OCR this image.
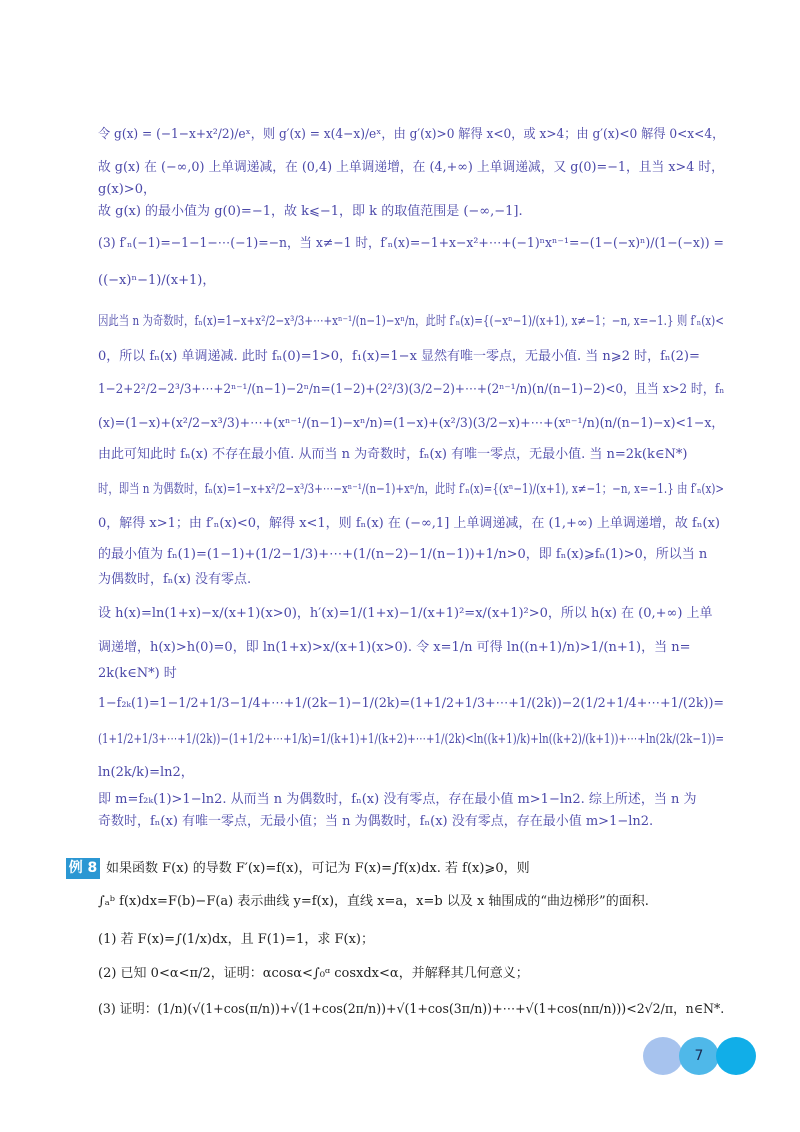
令 g(x) = (−1−x+x²/2)/eˣ，则 g′(x) = x(4−x)/eˣ，由 g′(x)>0 解得 x<0，或 x>4；由 g′(x)<0 解得 0<x<4，
故 g(x) 在 (−∞,0) 上单调递减，在 (0,4) 上单调递增，在 (4,+∞) 上单调递减，又 g(0)=−1，且当 x>4 时，
g(x)>0，
故 g(x) 的最小值为 g(0)=−1，故 k⩽−1，即 k 的取值范围是 (−∞,−1].
(3) f′ₙ(−1)=−1−1−⋯(−1)=−n，当 x≠−1 时，f′ₙ(x)=−1+x−x²+⋯+(−1)ⁿxⁿ⁻¹=−(1−(−x)ⁿ)/(1−(−x)) =
((−x)ⁿ−1)/(x+1)，
因此当 n 为奇数时，fₙ(x)=1−x+x²/2−x³/3+⋯+xⁿ⁻¹/(n−1)−xⁿ/n，此时 f′ₙ(x)={(−xⁿ−1)/(x+1), x≠−1；−n, x=−1.} 则 f′ₙ(x)<
0，所以 fₙ(x) 单调递减. 此时 fₙ(0)=1>0，f₁(x)=1−x 显然有唯一零点，无最小值. 当 n⩾2 时，fₙ(2)=
1−2+2²/2−2³/3+⋯+2ⁿ⁻¹/(n−1)−2ⁿ/n=(1−2)+(2²/3)(3/2−2)+⋯+(2ⁿ⁻¹/n)(n/(n−1)−2)<0，且当 x>2 时，fₙ
(x)=(1−x)+(x²/2−x³/3)+⋯+(xⁿ⁻¹/(n−1)−xⁿ/n)=(1−x)+(x²/3)(3/2−x)+⋯+(xⁿ⁻¹/n)(n/(n−1)−x)<1−x，
由此可知此时 fₙ(x) 不存在最小值. 从而当 n 为奇数时，fₙ(x) 有唯一零点，无最小值. 当 n=2k(k∈N*)
时，即当 n 为偶数时，fₙ(x)=1−x+x²/2−x³/3+⋯−xⁿ⁻¹/(n−1)+xⁿ/n，此时 f′ₙ(x)={(xⁿ−1)/(x+1), x≠−1；−n, x=−1.} 由 f′ₙ(x)>
0，解得 x>1；由 f′ₙ(x)<0，解得 x<1，则 fₙ(x) 在 (−∞,1] 上单调递减，在 (1,+∞) 上单调递增，故 fₙ(x)
的最小值为 fₙ(1)=(1−1)+(1/2−1/3)+⋯+(1/(n−2)−1/(n−1))+1/n>0，即 fₙ(x)⩾fₙ(1)>0，所以当 n
为偶数时，fₙ(x) 没有零点.
设 h(x)=ln(1+x)−x/(x+1)(x>0)，h′(x)=1/(1+x)−1/(x+1)²=x/(x+1)²>0，所以 h(x) 在 (0,+∞) 上单
调递增，h(x)>h(0)=0，即 ln(1+x)>x/(x+1)(x>0). 令 x=1/n 可得 ln((n+1)/n)>1/(n+1)，当 n=
2k(k∈N*) 时
1−f₂ₖ(1)=1−1/2+1/3−1/4+⋯+1/(2k−1)−1/(2k)=(1+1/2+1/3+⋯+1/(2k))−2(1/2+1/4+⋯+1/(2k))=
(1+1/2+1/3+⋯+1/(2k))−(1+1/2+⋯+1/k)=1/(k+1)+1/(k+2)+⋯+1/(2k)<ln((k+1)/k)+ln((k+2)/(k+1))+⋯+ln(2k/(2k−1))=
ln(2k/k)=ln2，
即 m=f₂ₖ(1)>1−ln2. 从而当 n 为偶数时，fₙ(x) 没有零点，存在最小值 m>1−ln2. 综上所述，当 n 为
奇数时，fₙ(x) 有唯一零点，无最小值；当 n 为偶数时，fₙ(x) 没有零点，存在最小值 m>1−ln2.
例 8 如果函数 F(x) 的导数 F′(x)=f(x)，可记为 F(x)=∫f(x)dx. 若 f(x)⩾0，则
∫ₐᵇ f(x)dx=F(b)−F(a) 表示曲线 y=f(x)，直线 x=a，x=b 以及 x 轴围成的“曲边梯形”的面积.
(1) 若 F(x)=∫(1/x)dx，且 F(1)=1，求 F(x)；
(2) 已知 0<α<π/2，证明：αcosα<∫₀ᵅ cosxdx<α，并解释其几何意义；
(3) 证明：(1/n)(√(1+cos(π/n))+√(1+cos(2π/n))+√(1+cos(3π/n))+⋯+√(1+cos(nπ/n)))<2√2/π，n∈N*.
7
